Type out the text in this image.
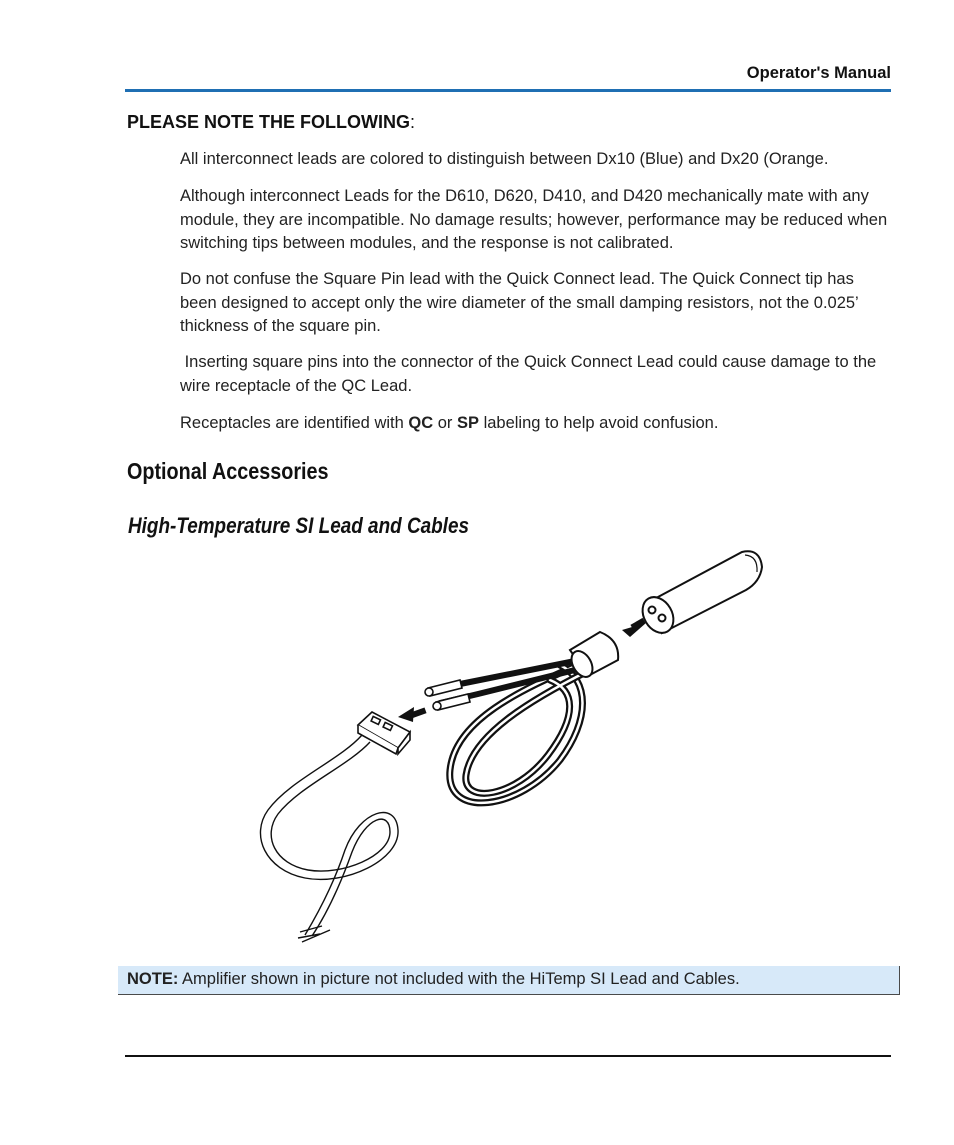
Operator's Manual
PLEASE NOTE THE FOLLOWING:
All interconnect leads are colored to distinguish between Dx10 (Blue) and Dx20 (Orange.
Although interconnect Leads for the D610, D620, D410, and D420 mechanically mate with any module, they are incompatible. No damage results; however, performance may be reduced when switching tips between modules, and the response is not calibrated.
Do not confuse the Square Pin lead with the Quick Connect lead. The Quick Connect tip has been designed to accept only the wire diameter of the small damping resistors, not the 0.025’ thickness of the square pin.
Inserting square pins into the connector of the Quick Connect Lead could cause damage to the wire receptacle of the QC Lead.
Receptacles are identified with QC or SP labeling to help avoid confusion.
Optional Accessories
High-Temperature SI Lead and Cables
NOTE: Amplifier shown in picture not included with the HiTemp SI Lead and Cables.
